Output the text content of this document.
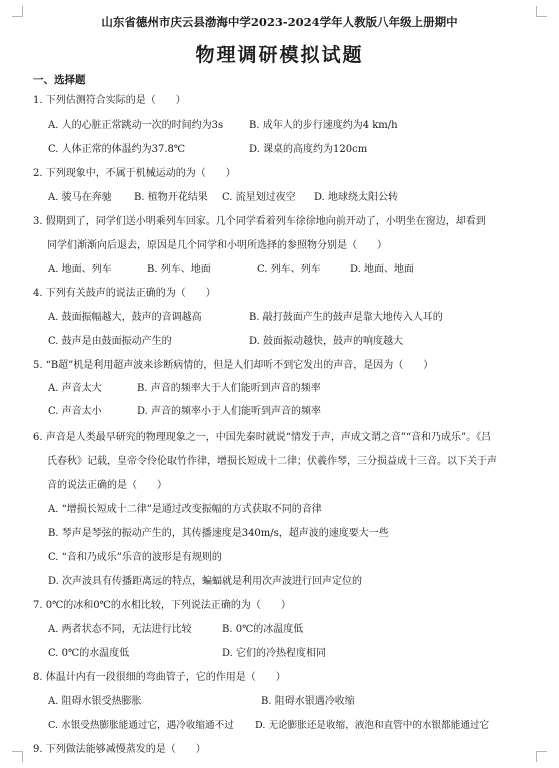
山东省德州市庆云县渤海中学2023-2024学年人教版八年级上册期中
物理调研模拟试题
一、选择题
1. 下列估测符合实际的是（　　）
A. 人的心脏正常跳动一次的时间约为3s	B. 成年人的步行速度约为4 km/h
C. 人体正常的体温约为37.8℃	D. 课桌的高度约为120cm
2. 下列现象中，不属于机械运动的为（　　）
A. 骏马在奔驰 B. 植物开花结果 C. 流星划过夜空 D. 地球绕太阳公转
3. 假期到了，同学们送小明乘列车回家。几个同学看着列车徐徐地向前开动了，小明坐在窗边，却看到
同学们渐渐向后退去，原因是几个同学和小明所选择的参照物分别是（　　）
A. 地面、列车	B. 列车、地面	C. 列车、列车	D. 地面、地面
4. 下列有关鼓声的说法正确的为（　　）
A. 鼓面振幅越大，鼓声的音调越高	B. 敲打鼓面产生的鼓声是靠大地传入人耳的
C. 鼓声是由鼓面振动产生的	D. 鼓面振动越快，鼓声的响度越大
5. “B超”机是利用超声波来诊断病情的，但是人们却听不到它发出的声音，是因为（　　）
A. 声音太大	B. 声音的频率大于人们能听到声音的频率
C. 声音太小	D. 声音的频率小于人们能听到声音的频率
6. 声音是人类最早研究的物理现象之一，中国先秦时就说“情发于声，声成文谓之音”“音和乃成乐”。《吕
氏春秋》记载，皇帝令伶伦取竹作律，增损长短成十二律；伏羲作琴，三分损益成十三音。以下关于声
音的说法正确的是（　　）
A. “增损长短成十二律”是通过改变振幅的方式获取不同的音律
B. 琴声是琴弦的振动产生的，其传播速度是340m/s，超声波的速度要大一些
C. “音和乃成乐”乐音的波形是有规则的
D. 次声波具有传播距离远的特点，蝙蝠就是利用次声波进行回声定位的
7. 0℃的冰和0℃的水相比较，下列说法正确的为（　　）
A. 两者状态不同，无法进行比较	B. 0℃的冰温度低
C. 0℃的水温度低	D. 它们的冷热程度相同
8. 体温计内有一段很细的弯曲管子，它的作用是（　　）
A. 阻碍水银受热膨胀	B. 阻碍水银遇冷收缩
C. 水银受热膨胀能通过它，遇冷收缩通不过 D. 无论膨胀还是收缩，液泡和直管中的水银都能通过它
9. 下列做法能够减慢蒸发的是（　　）
